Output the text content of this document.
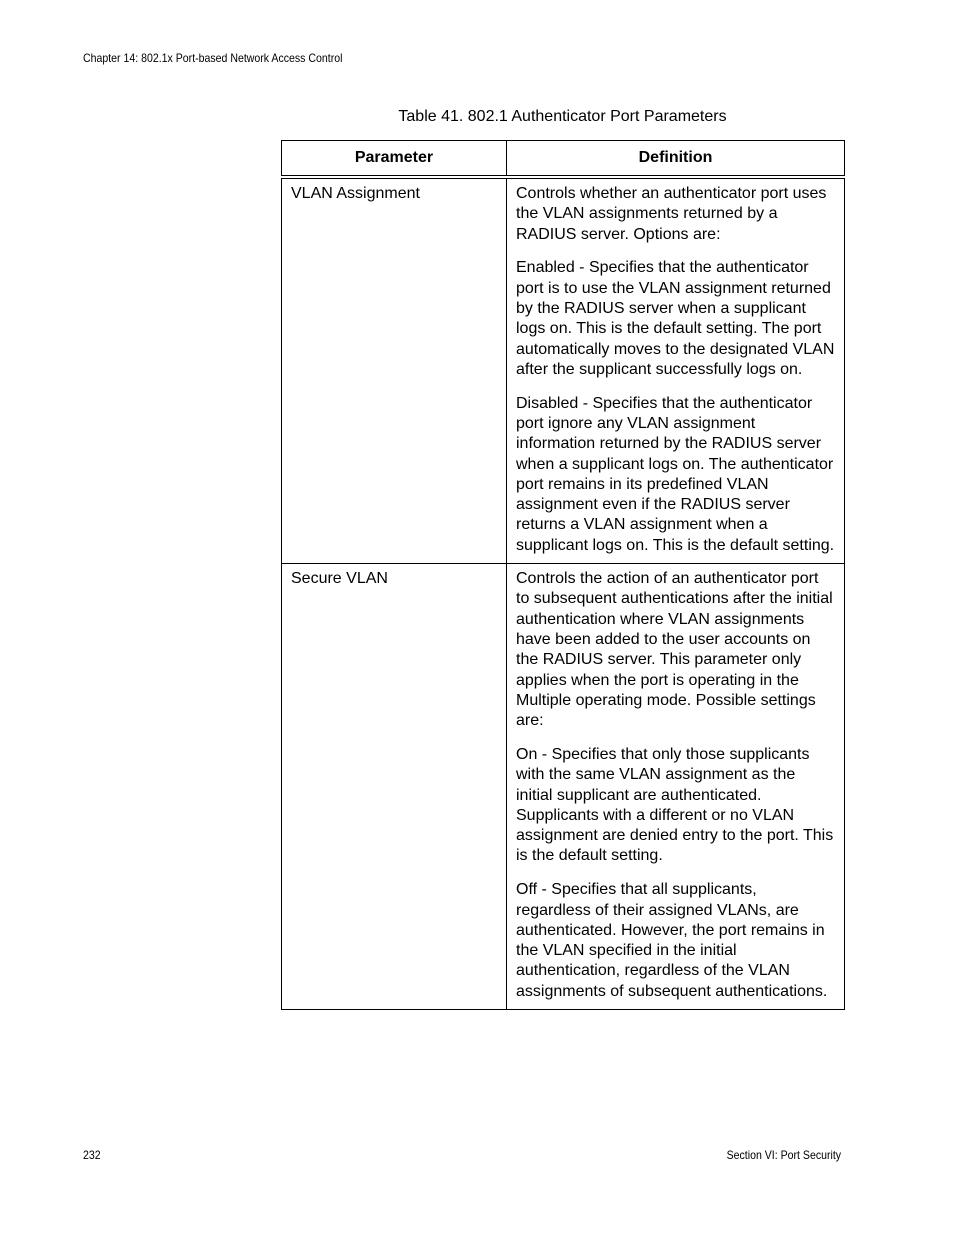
Chapter 14: 802.1x Port-based Network Access Control
Table 41. 802.1 Authenticator Port Parameters
Parameter	Definition
VLAN Assignment	Controls whether an authenticator port uses the VLAN assignments returned by a RADIUS server. Options are:

Enabled - Specifies that the authenticator port is to use the VLAN assignment returned by the RADIUS server when a supplicant logs on. This is the default setting. The port automatically moves to the designated VLAN after the supplicant successfully logs on.

Disabled - Specifies that the authenticator port ignore any VLAN assignment information returned by the RADIUS server when a supplicant logs on. The authenticator port remains in its predefined VLAN assignment even if the RADIUS server returns a VLAN assignment when a supplicant logs on. This is the default setting.

Secure VLAN	Controls the action of an authenticator port to subsequent authentications after the initial authentication where VLAN assignments have been added to the user accounts on the RADIUS server. This parameter only applies when the port is operating in the Multiple operating mode. Possible settings are:

On - Specifies that only those supplicants with the same VLAN assignment as the initial supplicant are authenticated. Supplicants with a different or no VLAN assignment are denied entry to the port. This is the default setting.

Off - Specifies that all supplicants, regardless of their assigned VLANs, are authenticated. However, the port remains in the VLAN specified in the initial authentication, regardless of the VLAN assignments of subsequent authentications.

232	Section VI: Port Security
